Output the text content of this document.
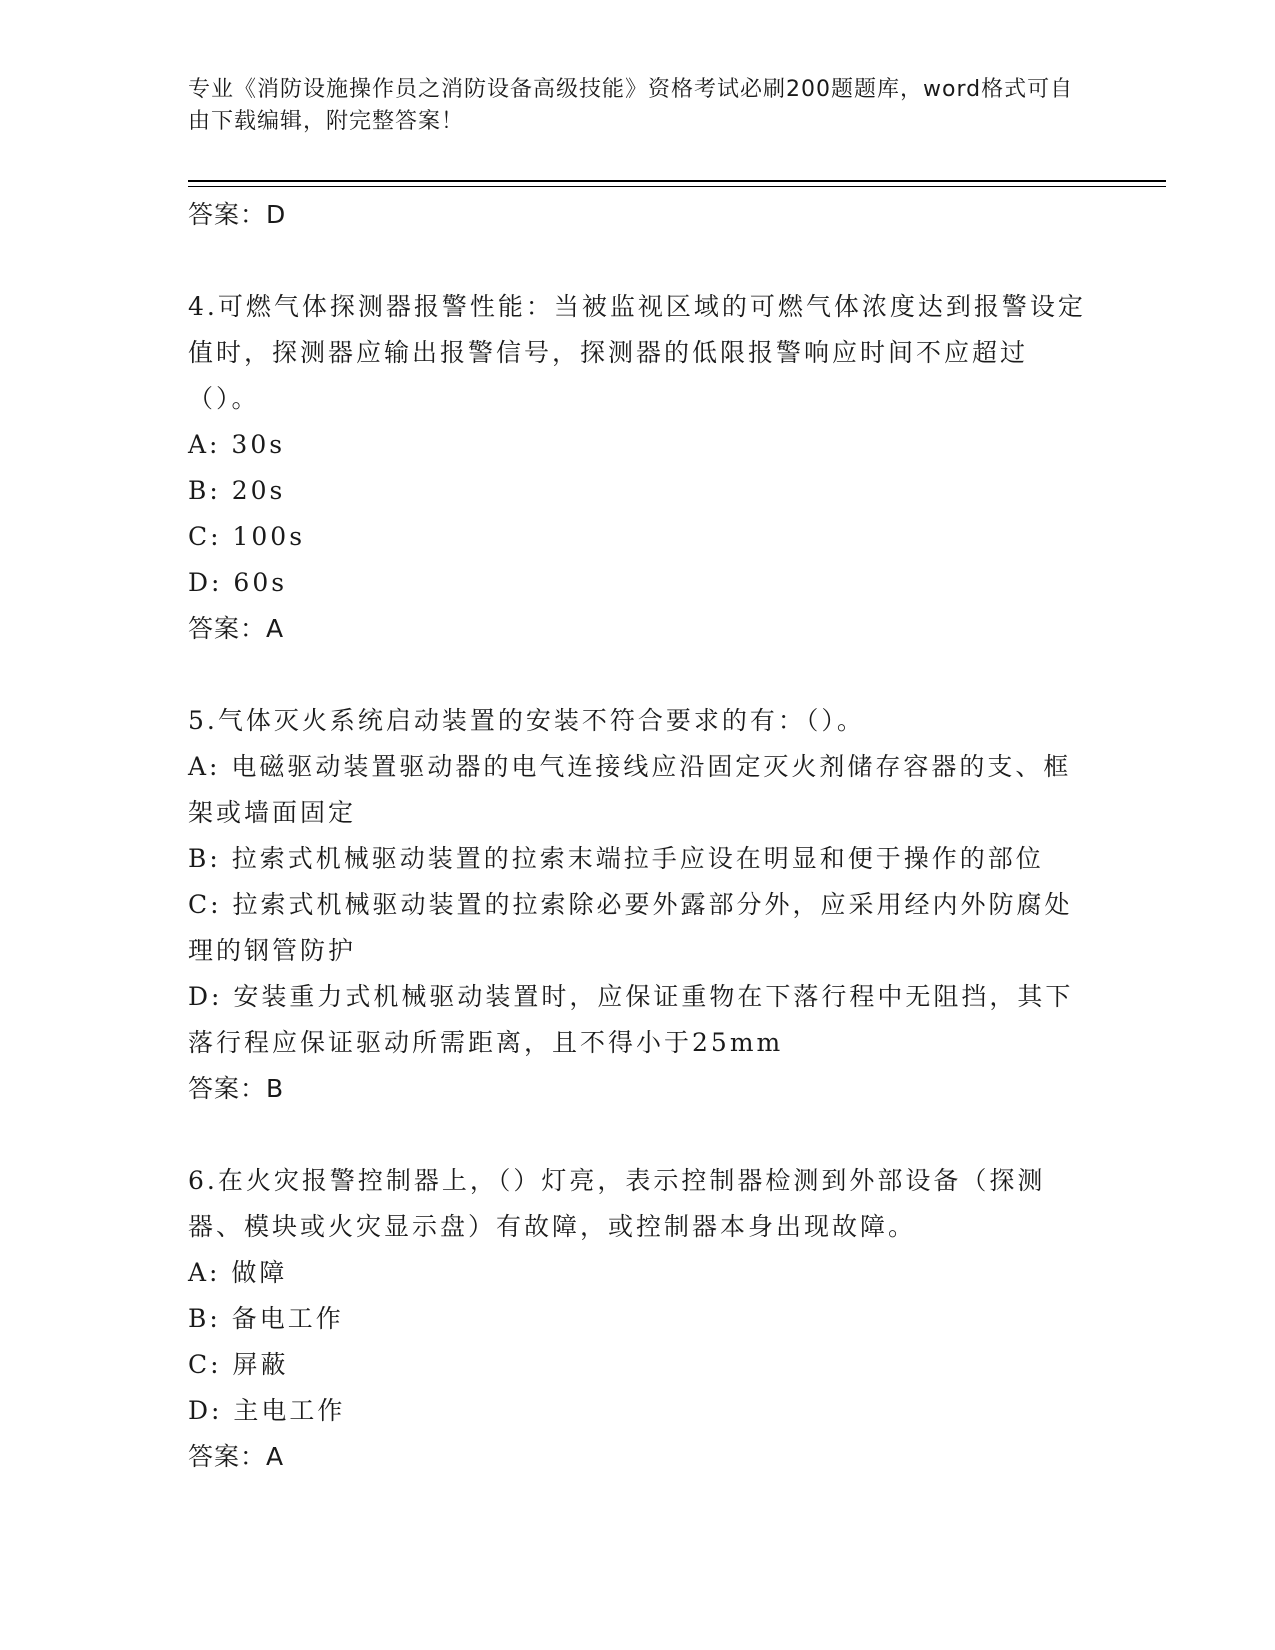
专业《消防设施操作员之消防设备高级技能》资格考试必刷200题题库，word格式可自由下载编辑，附完整答案！

答案：D

4.可燃气体探测器报警性能：当被监视区域的可燃气体浓度达到报警设定值时，探测器应输出报警信号，探测器的低限报警响应时间不应超过（）。

A: 30s

B: 20s

C: 100s

D: 60s

答案：A

5.气体灭火系统启动装置的安装不符合要求的有：（）。

A: 电磁驱动装置驱动器的电气连接线应沿固定灭火剂储存容器的支、框架或墙面固定

B: 拉索式机械驱动装置的拉索末端拉手应设在明显和便于操作的部位

C: 拉索式机械驱动装置的拉索除必要外露部分外，应采用经内外防腐处理的钢管防护

D: 安装重力式机械驱动装置时，应保证重物在下落行程中无阻挡，其下落行程应保证驱动所需距离，且不得小于25mm

答案：B

6.在火灾报警控制器上，（）灯亮，表示控制器检测到外部设备（探测器、模块或火灾显示盘）有故障，或控制器本身出现故障。

A: 做障

B: 备电工作

C: 屏蔽

D: 主电工作

答案：A
